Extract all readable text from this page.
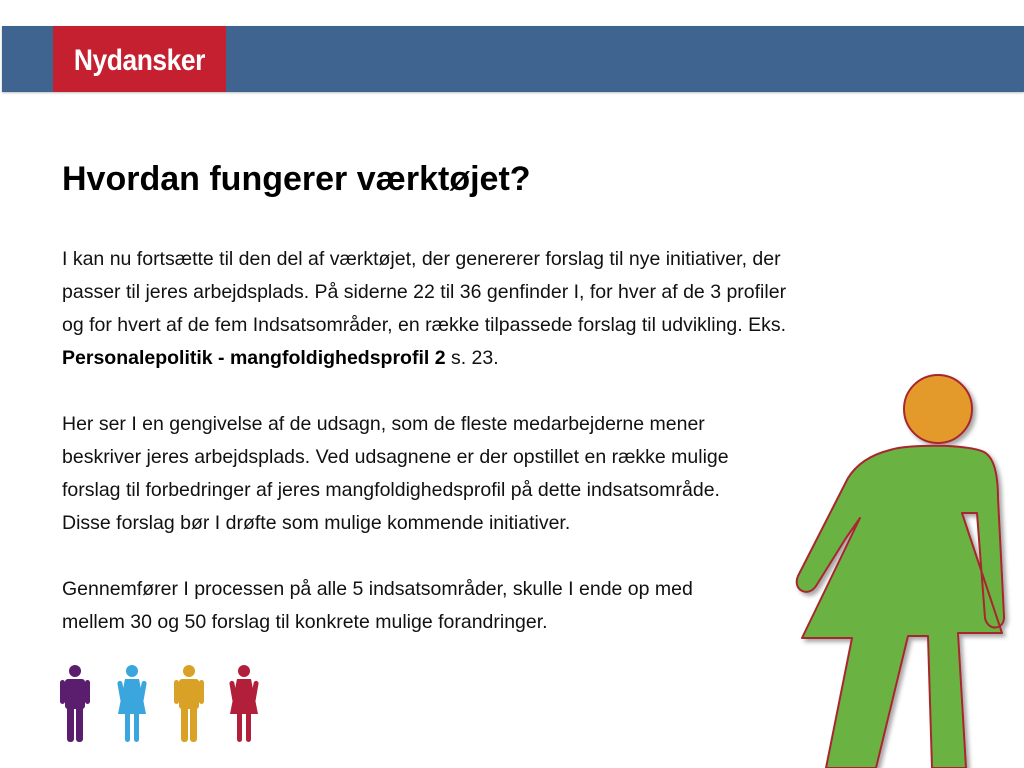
Nydansker
Hvordan fungerer værktøjet?

I kan nu fortsætte til den del af værktøjet, der genererer forslag til nye initiativer, der
passer til jeres arbejdsplads. På siderne 22 til 36 genfinder I, for hver af de 3 profiler
og for hvert af de fem Indsatsområder, en række tilpassede forslag til udvikling. Eks.
Personalepolitik - mangfoldighedsprofil 2 s. 23.

Her ser I en gengivelse af de udsagn, som de fleste medarbejderne mener
beskriver jeres arbejdsplads. Ved udsagnene er der opstillet en række mulige
forslag til forbedringer af jeres mangfoldighedsprofil på dette indsatsområde.
Disse forslag bør I drøfte som mulige kommende initiativer.

Gennemfører I processen på alle 5 indsatsområder, skulle I ende op med
mellem 30 og 50 forslag til konkrete mulige forandringer.
